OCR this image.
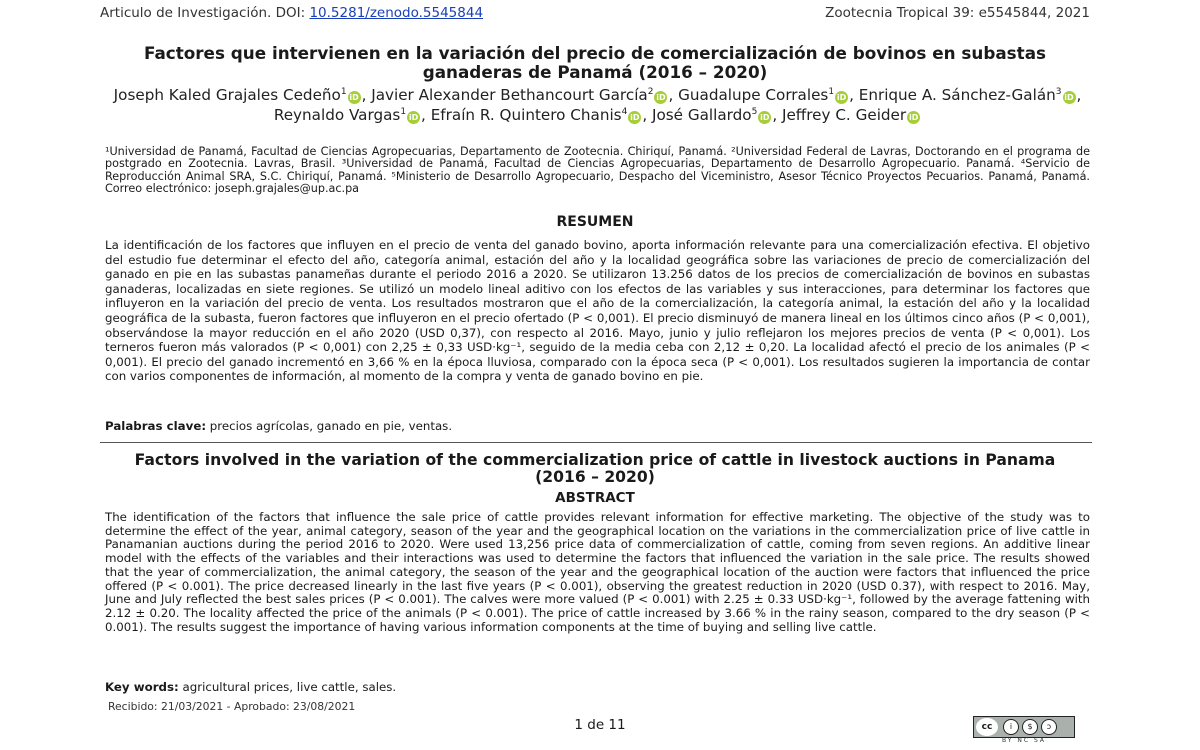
Articulo de Investigación. DOI: 10.5281/zenodo.5545844	Zootecnia Tropical 39: e5545844, 2021
Factores que intervienen en la variación del precio de comercialización de bovinos en subastas ganaderas de Panamá (2016 – 2020)
Joseph Kaled Grajales Cedeño$^1$iD , Javier Alexander Bethancourt García$^2$iD , Guadalupe Corrales$^1$iD , Enrique A. Sánchez-Galán$^3$iD , Reynaldo Vargas$^1$iD , Efraín R. Quintero Chanis$^4$iD , José Gallardo$^5$iD , Jeffrey C. Geider iD
¹Universidad de Panamá, Facultad de Ciencias Agropecuarias, Departamento de Zootecnia. Chiriquí, Panamá. ²Universidad Federal de Lavras, Doctorando en el programa de postgrado en Zootecnia. Lavras, Brasil. ³Universidad de Panamá, Facultad de Ciencias Agropecuarias, Departamento de Desarrollo Agropecuario. Panamá. ⁴Servicio de Reproducción Animal SRA, S.C. Chiriquí, Panamá. ⁵Ministerio de Desarrollo Agropecuario, Despacho del Viceministro, Asesor Técnico Proyectos Pecuarios. Panamá, Panamá. Correo electrónico: joseph.grajales@up.ac.pa
RESUMEN
La identificación de los factores que influyen en el precio de venta del ganado bovino, aporta información relevante para una comercialización efectiva. El objetivo del estudio fue determinar el efecto del año, categoría animal, estación del año y la localidad geográfica sobre las variaciones de precio de comercialización del ganado en pie en las subastas panameñas durante el periodo 2016 a 2020. Se utilizaron 13.256 datos de los precios de comercialización de bovinos en subastas ganaderas, localizadas en siete regiones. Se utilizó un modelo lineal aditivo con los efectos de las variables y sus interacciones, para determinar los factores que influyeron en la variación del precio de venta. Los resultados mostraron que el año de la comercialización, la categoría animal, la estación del año y la localidad geográfica de la subasta, fueron factores que influyeron en el precio ofertado (P < 0,001). El precio disminuyó de manera lineal en los últimos cinco años (P < 0,001), observándose la mayor reducción en el año 2020 (USD 0,37), con respecto al 2016. Mayo, junio y julio reflejaron los mejores precios de venta (P < 0,001). Los terneros fueron más valorados (P < 0,001) con 2,25 ± 0,33 USD·kg⁻¹, seguido de la media ceba con 2,12 ± 0,20. La localidad afectó el precio de los animales (P < 0,001). El precio del ganado incrementó en 3,66 % en la época lluviosa, comparado con la época seca (P < 0,001). Los resultados sugieren la importancia de contar con varios componentes de información, al momento de la compra y venta de ganado bovino en pie.
Palabras clave: precios agrícolas, ganado en pie, ventas.
Factors involved in the variation of the commercialization price of cattle in livestock auctions in Panama (2016 – 2020)
ABSTRACT
The identification of the factors that influence the sale price of cattle provides relevant information for effective marketing. The objective of the study was to determine the effect of the year, animal category, season of the year and the geographical location on the variations in the commercialization price of live cattle in Panamanian auctions during the period 2016 to 2020. Were used 13,256 price data of commercialization of cattle, coming from seven regions. An additive linear model with the effects of the variables and their interactions was used to determine the factors that influenced the variation in the sale price. The results showed that the year of commercialization, the animal category, the season of the year and the geographical location of the auction were factors that influenced the price offered (P < 0.001). The price decreased linearly in the last five years (P < 0.001), observing the greatest reduction in 2020 (USD 0.37), with respect to 2016. May, June and July reflected the best sales prices (P < 0.001). The calves were more valued (P < 0.001) with 2.25 ± 0.33 USD·kg⁻¹, followed by the average fattening with 2.12 ± 0.20. The locality affected the price of the animals (P < 0.001). The price of cattle increased by 3.66 % in the rainy season, compared to the dry season (P < 0.001). The results suggest the importance of having various information components at the time of buying and selling live cattle.
Key words: agricultural prices, live cattle, sales.
Recibido: 21/03/2021 - Aprobado: 23/08/2021
1 de 11	cc	i	$	ↄ
BY NC SA
